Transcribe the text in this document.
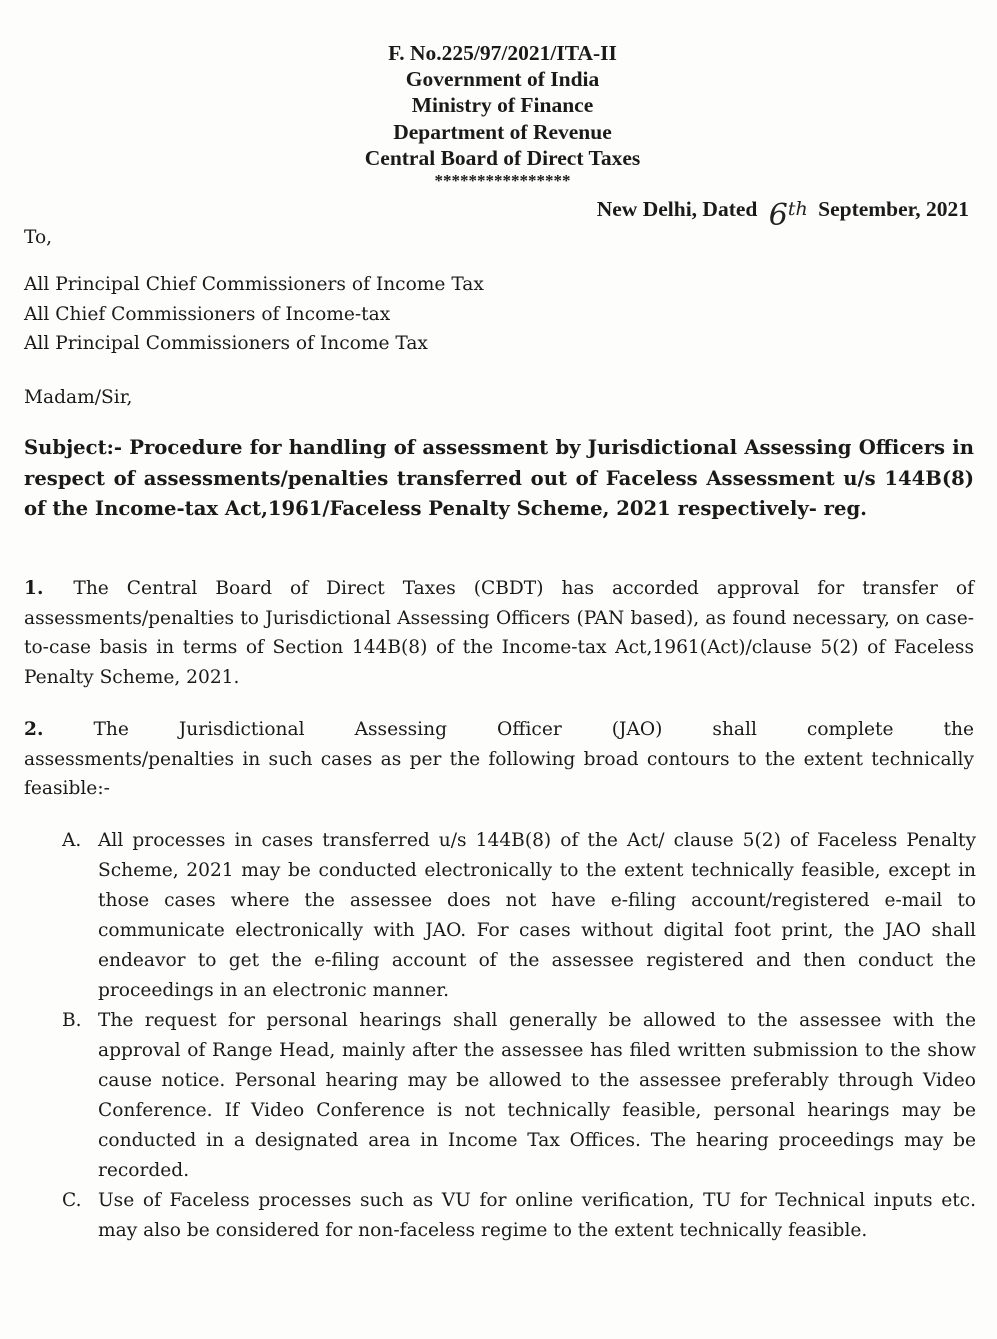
F. No.225/97/2021/ITA-II
Government of India
Ministry of Finance
Department of Revenue
Central Board of Direct Taxes
****************
New Delhi, Dated 6th September, 2021
To,
All Principal Chief Commissioners of Income Tax
All Chief Commissioners of Income-tax
All Principal Commissioners of Income Tax
Madam/Sir,
Subject:- Procedure for handling of assessment by Jurisdictional Assessing Officers in respect of assessments/penalties transferred out of Faceless Assessment u/s 144B(8) of the Income-tax Act,1961/Faceless Penalty Scheme, 2021 respectively- reg.
1. The Central Board of Direct Taxes (CBDT) has accorded approval for transfer of assessments/penalties to Jurisdictional Assessing Officers (PAN based), as found necessary, on case-to-case basis in terms of Section 144B(8) of the Income-tax Act,1961(Act)/clause 5(2) of Faceless Penalty Scheme, 2021.
2.	The	Jurisdictional	Assessing	Officer	(JAO)	shall	complete	the
assessments/penalties in such cases as per the following broad contours to the extent technically feasible:-
A. All processes in cases transferred u/s 144B(8) of the Act/ clause 5(2) of Faceless Penalty Scheme, 2021 may be conducted electronically to the extent technically feasible, except in those cases where the assessee does not have e-filing account/registered e-mail to communicate electronically with JAO. For cases without digital foot print, the JAO shall endeavor to get the e-filing account of the assessee registered and then conduct the proceedings in an electronic manner.
B. The request for personal hearings shall generally be allowed to the assessee with the approval of Range Head, mainly after the assessee has filed written submission to the show cause notice. Personal hearing may be allowed to the assessee preferably through Video Conference. If Video Conference is not technically feasible, personal hearings may be conducted in a designated area in Income Tax Offices. The hearing proceedings may be recorded.
C. Use of Faceless processes such as VU for online verification, TU for Technical inputs etc. may also be considered for non-faceless regime to the extent technically feasible.
